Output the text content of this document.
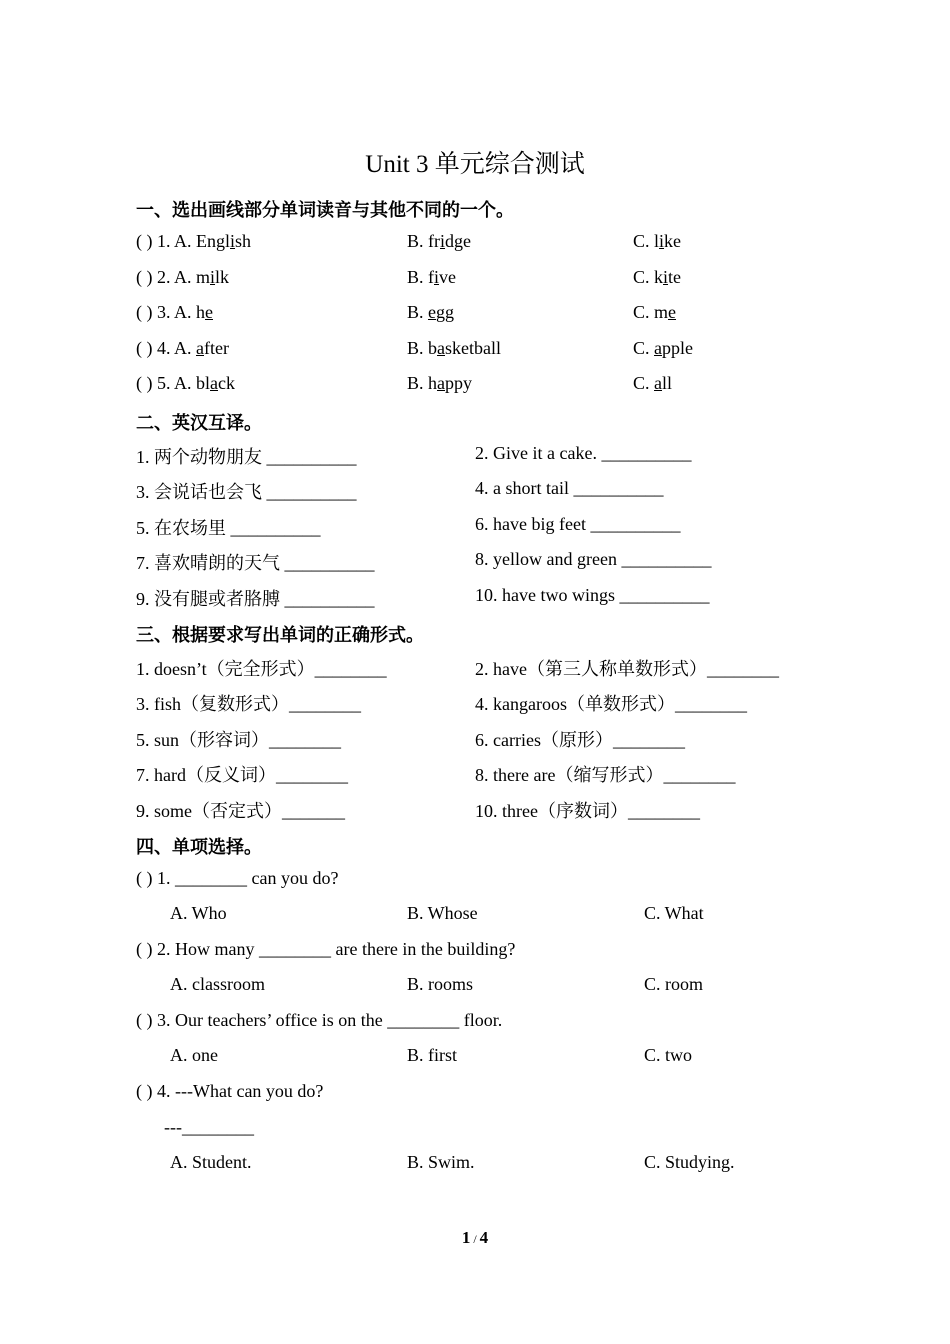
Unit 3 单元综合测试
一、选出画线部分单词读音与其他不同的一个。
( ) 1. A. English	B. fridge	C. like
( ) 2. A. milk	B. five	C. kite
( ) 3. A. he	B. egg	C. me
( ) 4. A. after	B. basketball	C. apple
( ) 5. A. black	B. happy	C. all
二、英汉互译。
1. 两个动物朋友 __________	2. Give it a cake. __________
3. 会说话也会飞 __________	4. a short tail __________
5. 在农场里 __________	6. have big feet __________
7. 喜欢晴朗的天气 __________	8. yellow and green __________
9. 没有腿或者胳膊 __________	10. have two wings __________
三、根据要求写出单词的正确形式。
1. doesn’t（完全形式）________	2. have（第三人称单数形式）________
3. fish（复数形式）________	4. kangaroos（单数形式）________
5. sun（形容词）________	6. carries（原形）________
7. hard（反义词）________	8. there are（缩写形式）________
9. some（否定式）_______	10. three（序数词）________
四、单项选择。
( ) 1. ________ can you do?
A. Who	B. Whose	C. What
( ) 2. How many ________ are there in the building?
A. classroom	B. rooms	C. room
( ) 3. Our teachers’ office is on the ________ floor.
A. one	B. first	C. two
( ) 4. ---What can you do?
---________
A. Student.	B. Swim.	C. Studying.
1 / 4
